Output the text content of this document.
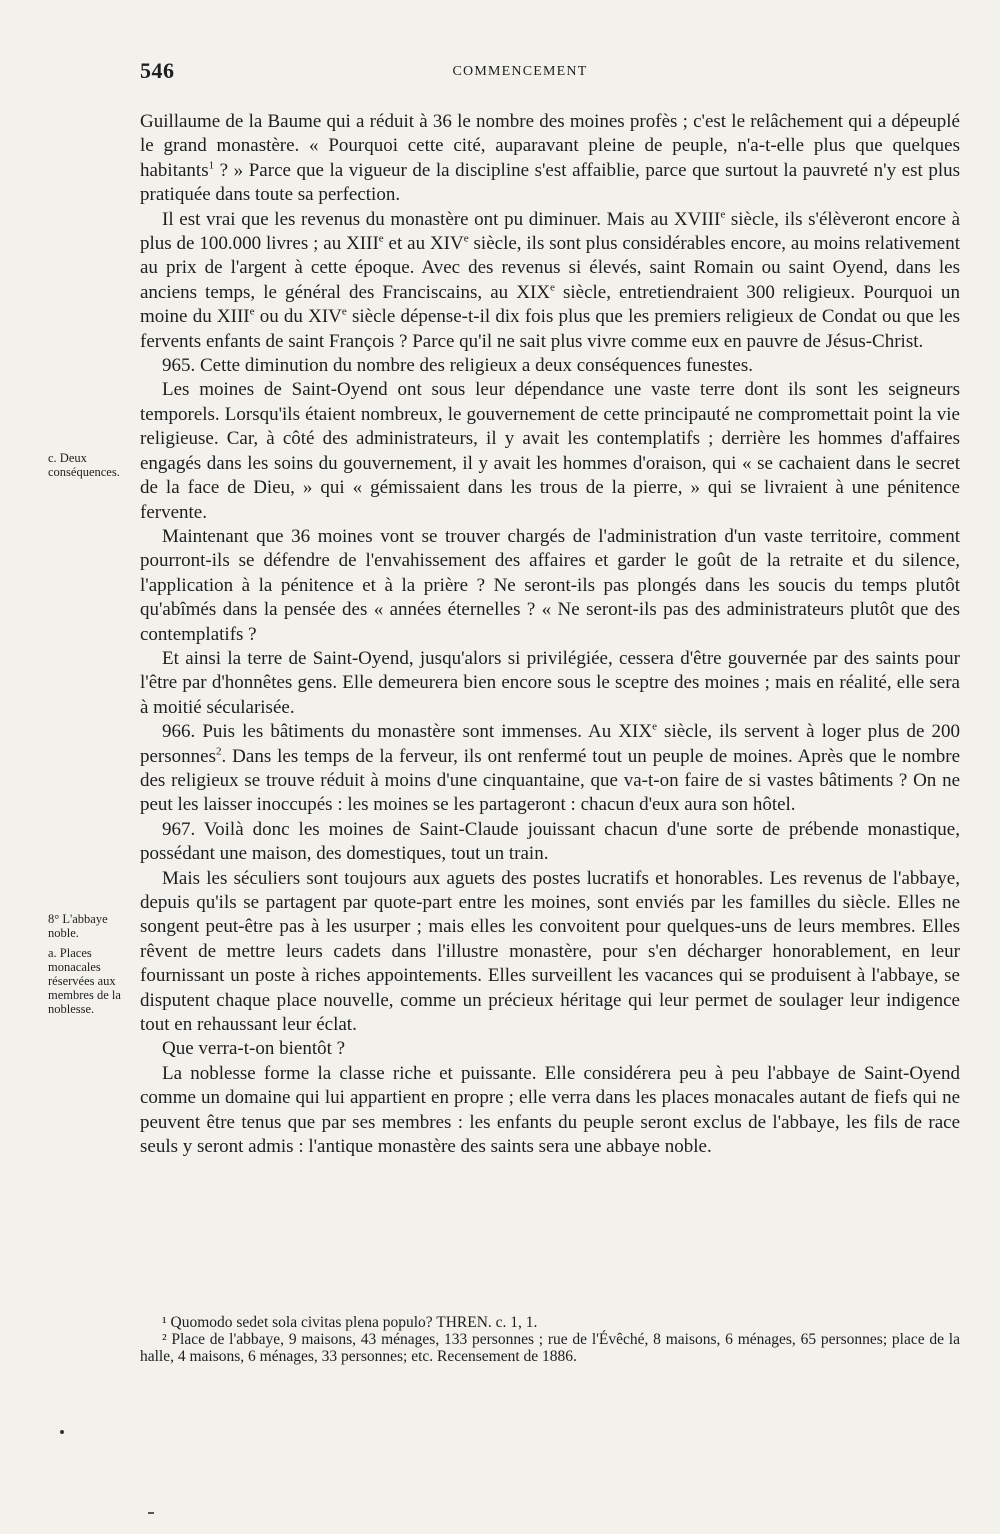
546	COMMENCEMENT
c. Deux conséquences.
8° L'abbaye noble.
a. Places monacales réservées aux membres de la noblesse.

Guillaume de la Baume qui a réduit à 36 le nombre des moines profès ; c'est le relâchement qui a dépeuplé le grand monastère. « Pourquoi cette cité, auparavant pleine de peuple, n'a-t-elle plus que quelques habitants$^1$ ? » Parce que la vigueur de la discipline s'est affaiblie, parce que surtout la pauvreté n'y est plus pratiquée dans toute sa perfection.

Il est vrai que les revenus du monastère ont pu diminuer. Mais au XVIIIe siècle, ils s'élèveront encore à plus de 100.000 livres ; au XIIIe et au XIVe siècle, ils sont plus considérables encore, au moins relativement au prix de l'argent à cette époque. Avec des revenus si élevés, saint Romain ou saint Oyend, dans les anciens temps, le général des Franciscains, au XIXe siècle, entretiendraient 300 religieux. Pourquoi un moine du XIIIe ou du XIVe siècle dépense-t-il dix fois plus que les premiers religieux de Condat ou que les fervents enfants de saint François ? Parce qu'il ne sait plus vivre comme eux en pauvre de Jésus-Christ.

965. Cette diminution du nombre des religieux a deux conséquences funestes.

Les moines de Saint-Oyend ont sous leur dépendance une vaste terre dont ils sont les seigneurs temporels. Lorsqu'ils étaient nombreux, le gouvernement de cette principauté ne compromettait point la vie religieuse. Car, à côté des administrateurs, il y avait les contemplatifs ; derrière les hommes d'affaires engagés dans les soins du gouvernement, il y avait les hommes d'oraison, qui « se cachaient dans le secret de la face de Dieu, » qui « gémissaient dans les trous de la pierre, » qui se livraient à une pénitence fervente.

Maintenant que 36 moines vont se trouver chargés de l'administration d'un vaste territoire, comment pourront-ils se défendre de l'envahissement des affaires et garder le goût de la retraite et du silence, l'application à la pénitence et à la prière ? Ne seront-ils pas plongés dans les soucis du temps plutôt qu'abîmés dans la pensée des « années éternelles ? « Ne seront-ils pas des administrateurs plutôt que des contemplatifs ?

Et ainsi la terre de Saint-Oyend, jusqu'alors si privilégiée, cessera d'être gouvernée par des saints pour l'être par d'honnêtes gens. Elle demeurera bien encore sous le sceptre des moines ; mais en réalité, elle sera à moitié sécularisée.

966. Puis les bâtiments du monastère sont immenses. Au XIXe siècle, ils servent à loger plus de 200 personnes$^2$. Dans les temps de la ferveur, ils ont renfermé tout un peuple de moines. Après que le nombre des religieux se trouve réduit à moins d'une cinquantaine, que va-t-on faire de si vastes bâtiments ? On ne peut les laisser inoccupés : les moines se les partageront : chacun d'eux aura son hôtel.

967. Voilà donc les moines de Saint-Claude jouissant chacun d'une sorte de prébende monastique, possédant une maison, des domestiques, tout un train.

Mais les séculiers sont toujours aux aguets des postes lucratifs et honorables. Les revenus de l'abbaye, depuis qu'ils se partagent par quote-part entre les moines, sont enviés par les familles du siècle. Elles ne songent peut-être pas à les usurper ; mais elles les convoitent pour quelques-uns de leurs membres. Elles rêvent de mettre leurs cadets dans l'illustre monastère, pour s'en décharger honorablement, en leur fournissant un poste à riches appointements. Elles surveillent les vacances qui se produisent à l'abbaye, se disputent chaque place nouvelle, comme un précieux héritage qui leur permet de soulager leur indigence tout en rehaussant leur éclat.

Que verra-t-on bientôt ?

La noblesse forme la classe riche et puissante. Elle considérera peu à peu l'abbaye de Saint-Oyend comme un domaine qui lui appartient en propre ; elle verra dans les places monacales autant de fiefs qui ne peuvent être tenus que par ses membres : les enfants du peuple seront exclus de l'abbaye, les fils de race seuls y seront admis : l'antique monastère des saints sera une abbaye noble.

¹ Quomodo sedet sola civitas plena populo? THREN. c. 1, 1.

² Place de l'abbaye, 9 maisons, 43 ménages, 133 personnes ; rue de l'Évêché, 8 maisons, 6 ménages, 65 personnes; place de la halle, 4 maisons, 6 ménages, 33 personnes; etc. Recensement de 1886.
